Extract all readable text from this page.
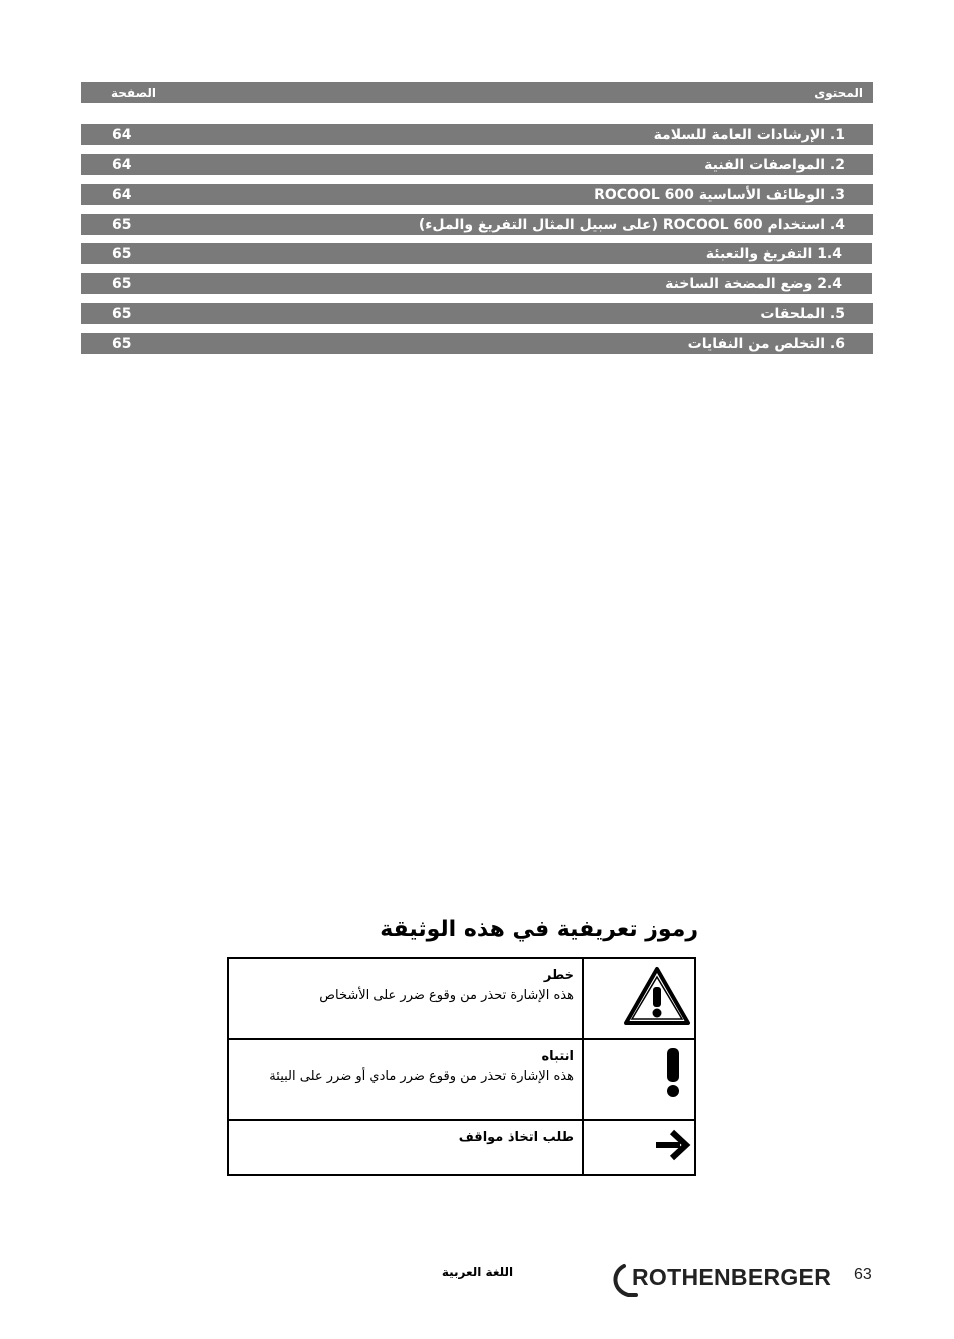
الصفحة	المحتوى
64	1. الإرشادات العامة للسلامة
64	2. المواصفات الفنية
64	3. الوظائف الأساسية ROCOOL 600
65	4. استخدام ROCOOL 600 (على سبيل المثال التفريغ والملء)
65	1.4 التفريغ والتعبئة
65	2.4 وضع المضخة الساخنة
65	5. الملحقات
65	6. التخلص من النفايات
رموز تعريفية في هذه الوثيقة
خطر
هذه الإشارة تحذر من وقوع ضرر على الأشخاص

انتباه
هذه الإشارة تحذر من وقوع ضرر مادي أو ضرر على البيئة

طلب اتخاذ مواقف

اللغة العربية	ROTHENBERGER 63
